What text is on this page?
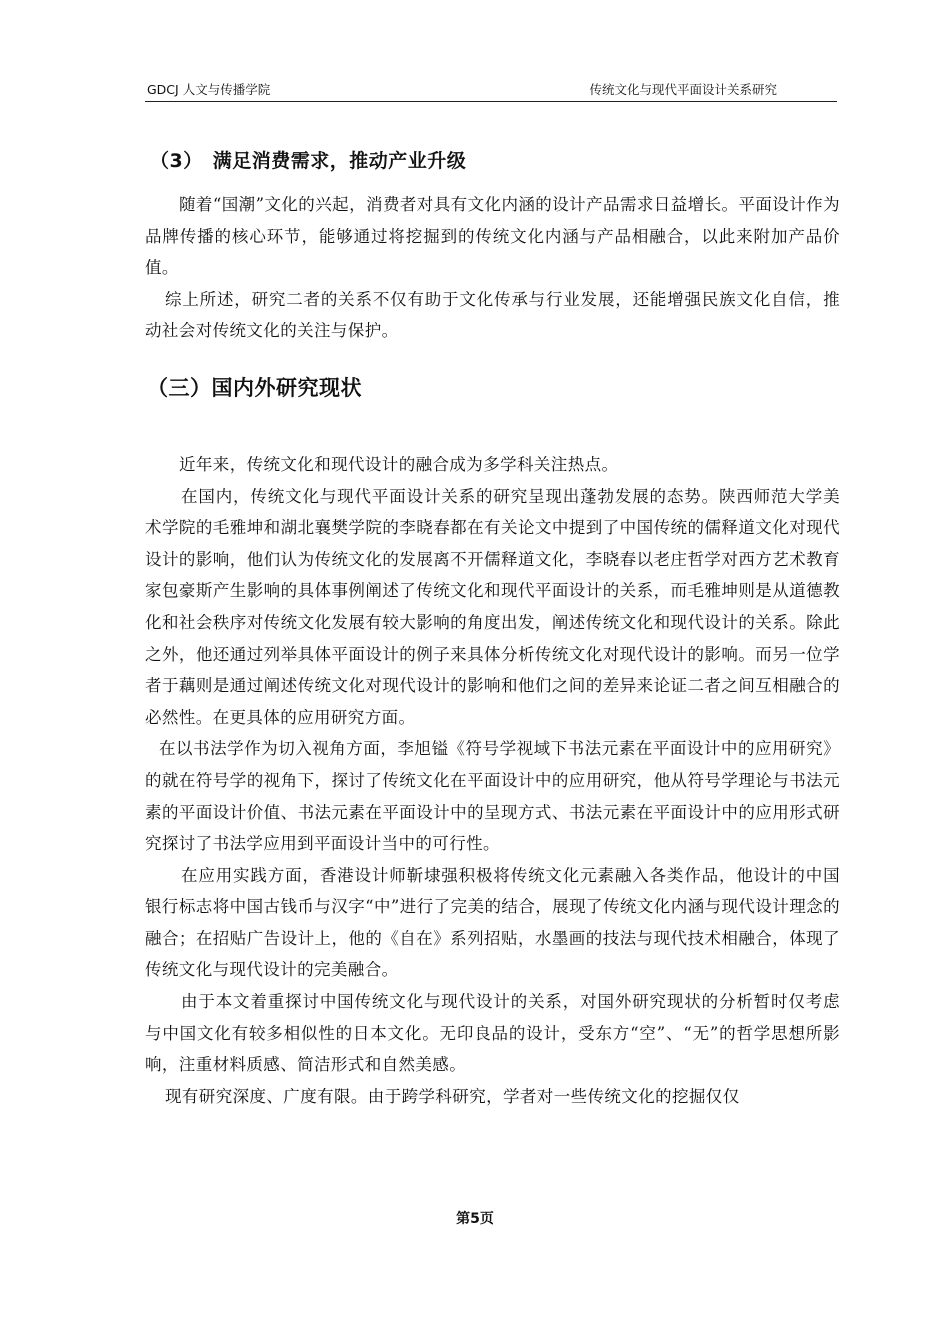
GDCJ 人文与传播学院	传统文化与现代平面设计关系研究
（3）　满足消费需求，推动产业升级

随着“国潮”文化的兴起，消费者对具有文化内涵的设计产品需求日益增长。平面设计作为品牌传播的核心环节，能够通过将挖掘到的传统文化内涵与产品相融合，以此来附加产品价值。

综上所述，研究二者的关系不仅有助于文化传承与行业发展，还能增强民族文化自信，推动社会对传统文化的关注与保护。

（三）国内外研究现状

近年来，传统文化和现代设计的融合成为多学科关注热点。

在国内，传统文化与现代平面设计关系的研究呈现出蓬勃发展的态势。陕西师范大学美术学院的毛雅坤和湖北襄樊学院的李晓春都在有关论文中提到了中国传统的儒释道文化对现代设计的影响，他们认为传统文化的发展离不开儒释道文化，李晓春以老庄哲学对西方艺术教育家包豪斯产生影响的具体事例阐述了传统文化和现代平面设计的关系，而毛雅坤则是从道德教化和社会秩序对传统文化发展有较大影响的角度出发，阐述传统文化和现代设计的关系。除此之外，他还通过列举具体平面设计的例子来具体分析传统文化对现代设计的影响。而另一位学者于藕则是通过阐述传统文化对现代设计的影响和他们之间的差异来论证二者之间互相融合的必然性。在更具体的应用研究方面。

在以书法学作为切入视角方面，李旭镒《符号学视域下书法元素在平面设计中的应用研究》的就在符号学的视角下，探讨了传统文化在平面设计中的应用研究，他从符号学理论与书法元素的平面设计价值、书法元素在平面设计中的呈现方式、书法元素在平面设计中的应用形式研究探讨了书法学应用到平面设计当中的可行性。

在应用实践方面，香港设计师靳埭强积极将传统文化元素融入各类作品，他设计的中国银行标志将中国古钱币与汉字“中”进行了完美的结合，展现了传统文化内涵与现代设计理念的融合；在招贴广告设计上，他的《自在》系列招贴，水墨画的技法与现代技术相融合，体现了传统文化与现代设计的完美融合。

由于本文着重探讨中国传统文化与现代设计的关系，对国外研究现状的分析暂时仅考虑与中国文化有较多相似性的日本文化。无印良品的设计，受东方“空”、“无”的哲学思想所影响，注重材料质感、简洁形式和自然美感。

现有研究深度、广度有限。由于跨学科研究，学者对一些传统文化的挖掘仅仅

第5页
